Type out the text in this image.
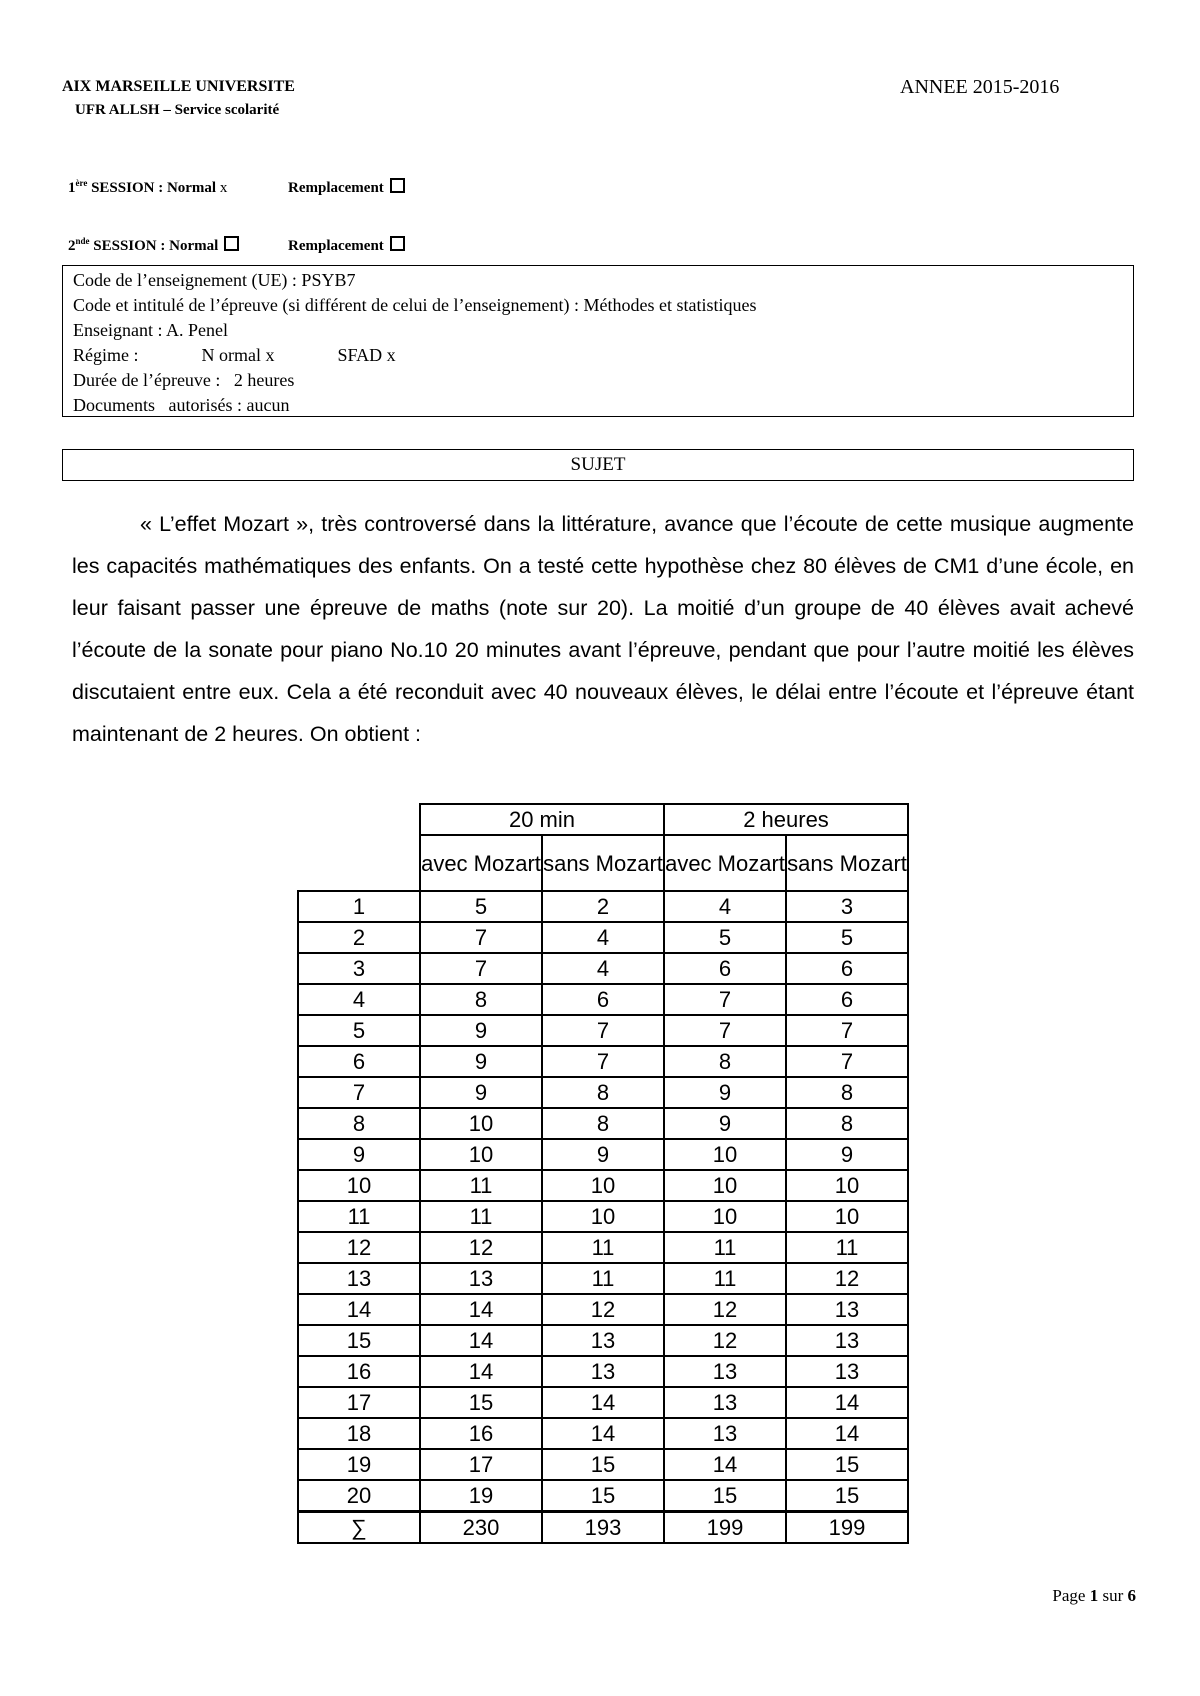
AIX MARSEILLE UNIVERSITE
UFR ALLSH – Service scolarité
ANNEE 2015-2016
1ère SESSION : Normal x	Remplacement
2nde SESSION : Normal	Remplacement
Code de l’enseignement (UE) : PSYB7
Code et intitulé de l’épreuve (si différent de celui de l’enseignement) : Méthodes et statistiques
Enseignant : A. Penel
Régime :              N ormal x              SFAD x
Durée de l’épreuve :   2 heures
Documents   autorisés : aucun
SUJET
« L’effet Mozart », très controversé dans la littérature, avance que l’écoute de cette musique augmente les capacités mathématiques des enfants. On a testé cette hypothèse chez 80 élèves de CM1 d’une école, en leur faisant passer une épreuve de maths (note sur 20). La moitié d’un groupe de 40 élèves avait achevé l’écoute de la sonate pour piano No.10 20 minutes avant l’épreuve, pendant que pour l’autre moitié les élèves discutaient entre eux. Cela a été reconduit avec 40 nouveaux élèves, le délai entre l’écoute et l’épreuve étant maintenant de 2 heures. On obtient :
	20 min		2 heures	
	avec Mozart	sans Mozart	avec Mozart	sans Mozart
1	5	2	4	3
2	7	4	5	5
3	7	4	6	6
4	8	6	7	6
5	9	7	7	7
6	9	7	8	7
7	9	8	9	8
8	10	8	9	8
9	10	9	10	9
10	11	10	10	10
11	11	10	10	10
12	12	11	11	11
13	13	11	11	12
14	14	12	12	13
15	14	13	12	13
16	14	13	13	13
17	15	14	13	14
18	16	14	13	14
19	17	15	14	15
20	19	15	15	15
∑	230	193	199	199
Page 1 sur 6
